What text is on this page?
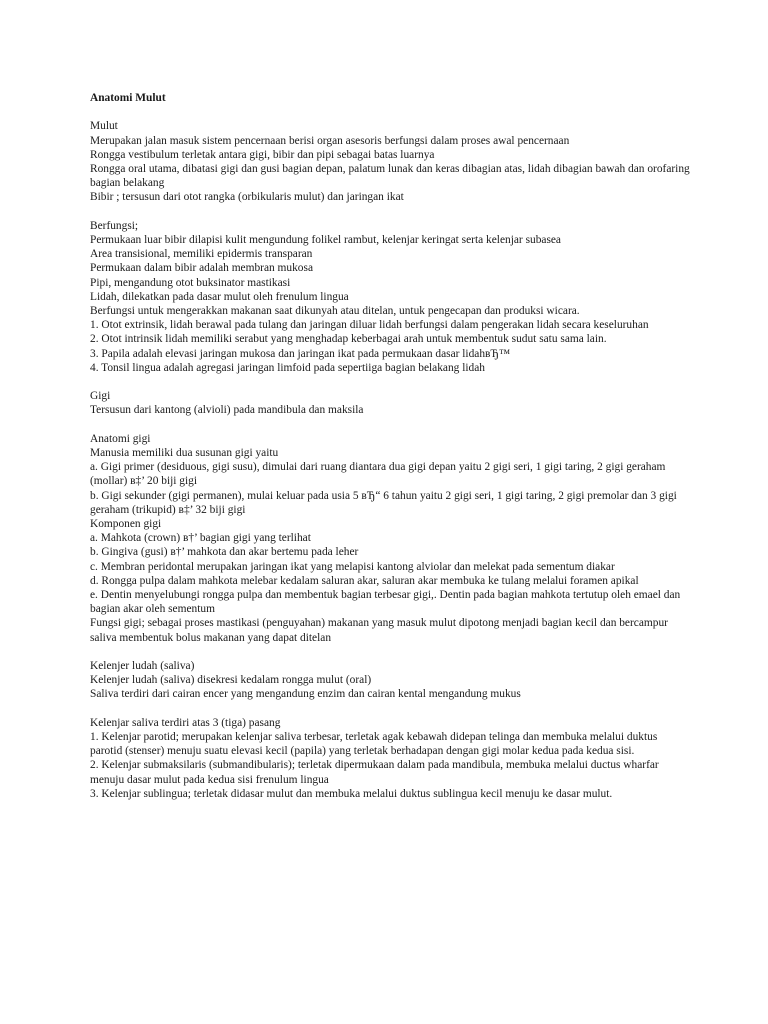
Anatomi Mulut
Mulut
Merupakan jalan masuk sistem pencernaan berisi organ asesoris berfungsi dalam proses awal pencernaan
Rongga vestibulum terletak antara gigi, bibir dan pipi sebagai batas luarnya
Rongga oral utama, dibatasi gigi dan gusi bagian depan, palatum lunak dan keras dibagian atas, lidah dibagian bawah dan orofaring bagian belakang
Bibir ; tersusun dari otot rangka (orbikularis mulut) dan jaringan ikat
Berfungsi;
Permukaan luar bibir dilapisi kulit mengundung folikel rambut, kelenjar keringat serta kelenjar subasea
Area transisional, memiliki epidermis transparan
Permukaan dalam bibir adalah membran mukosa
Pipi, mengandung otot buksinator mastikasi
Lidah, dilekatkan pada dasar mulut oleh frenulum lingua
Berfungsi untuk mengerakkan makanan saat dikunyah atau ditelan, untuk pengecapan dan produksi wicara.
1. Otot extrinsik, lidah berawal pada tulang dan jaringan diluar lidah berfungsi dalam pengerakan lidah secara keseluruhan
2. Otot intrinsik lidah memiliki serabut yang menghadap keberbagai arah untuk membentuk sudut satu sama lain.
3. Papila adalah elevasi jaringan mukosa dan jaringan ikat pada permukaan dasar lidahвЂ™
4. Tonsil lingua adalah agregasi jaringan limfoid pada sepertiiga bagian belakang lidah
Gigi
Tersusun dari kantong (alvioli) pada mandibula dan maksila
Anatomi gigi
Manusia memiliki dua susunan gigi yaitu
a. Gigi primer (desiduous, gigi susu), dimulai dari ruang diantara dua gigi depan yaitu 2 gigi seri, 1 gigi taring, 2 gigi geraham (mollar) в‡’ 20 biji gigi
b. Gigi sekunder (gigi permanen), mulai keluar pada usia 5 вЂ“ 6 tahun yaitu 2 gigi seri, 1 gigi taring, 2 gigi premolar dan 3 gigi geraham (trikupid) в‡’ 32 biji gigi
Komponen gigi
a. Mahkota (crown) в†’ bagian gigi yang terlihat
b. Gingiva (gusi) в†’ mahkota dan akar bertemu pada leher
c. Membran peridontal merupakan jaringan ikat yang melapisi kantong alviolar dan melekat pada sementum diakar
d. Rongga pulpa dalam mahkota melebar kedalam saluran akar, saluran akar membuka ke tulang melalui foramen apikal
e. Dentin menyelubungi rongga pulpa dan membentuk bagian terbesar gigi,. Dentin pada bagian mahkota tertutup oleh emael dan bagian akar oleh sementum
Fungsi gigi; sebagai proses mastikasi (penguyahan) makanan yang masuk mulut dipotong menjadi bagian kecil dan bercampur saliva membentuk bolus makanan yang dapat ditelan
Kelenjer ludah (saliva)
Kelenjer ludah (saliva) disekresi kedalam rongga mulut (oral)
Saliva terdiri dari cairan encer yang mengandung enzim dan cairan kental mengandung mukus
Kelenjar saliva terdiri atas 3 (tiga) pasang
1. Kelenjar parotid; merupakan kelenjar saliva terbesar, terletak agak kebawah didepan telinga dan membuka melalui duktus parotid (stenser) menuju suatu elevasi kecil (papila) yang terletak berhadapan dengan gigi molar kedua pada kedua sisi.
2. Kelenjar submaksilaris (submandibularis); terletak dipermukaan dalam pada mandibula, membuka melalui ductus wharfar menuju dasar mulut pada kedua sisi frenulum lingua
3. Kelenjar sublingua; terletak didasar mulut dan membuka melalui duktus sublingua kecil menuju ke dasar mulut.
